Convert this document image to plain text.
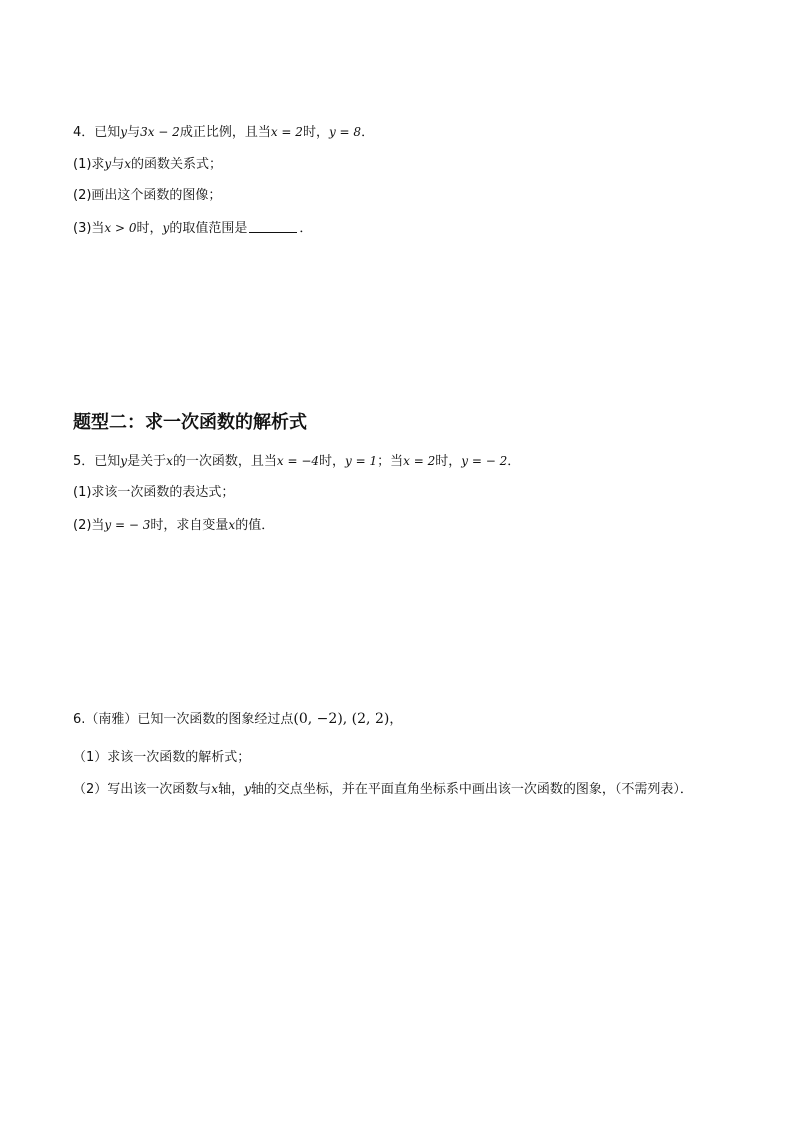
4．已知y与3x − 2成正比例，且当x = 2时，y = 8．
(1)求y与x的函数关系式；
(2)画出这个函数的图像；
(3)当x > 0时，y的取值范围是	．
题型二：求一次函数的解析式
5．已知y是关于x的一次函数，且当x = −4时，y = 1；当x = 2时，y = − 2．
(1)求该一次函数的表达式；
(2)当y = − 3时，求自变量x的值．
6.（南雅）已知一次函数的图象经过点(0, −2), (2, 2)，
（1）求该一次函数的解析式；
（2）写出该一次函数与x轴，y轴的交点坐标，并在平面直角坐标系中画出该一次函数的图象，（不需列表）．
